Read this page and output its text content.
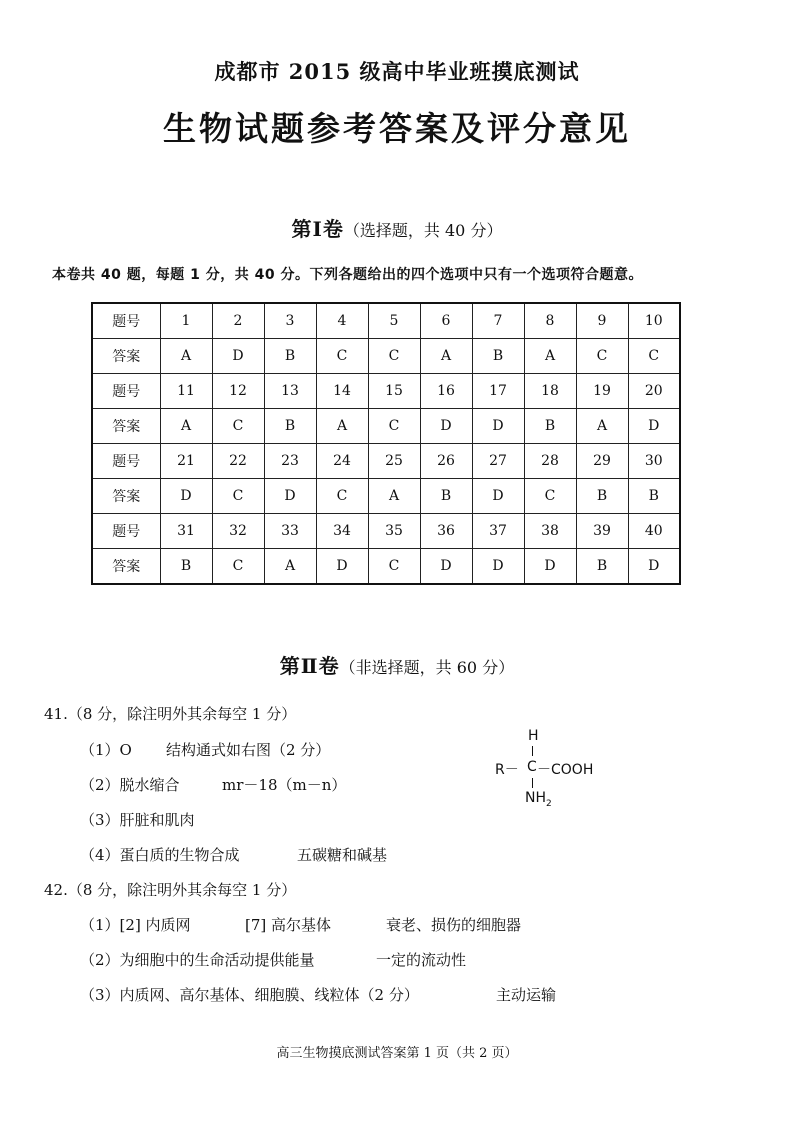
成都市 2015 级高中毕业班摸底测试
生物试题参考答案及评分意见
第Ⅰ卷（选择题，共 40 分）
本卷共 40 题，每题 1 分，共 40 分。下列各题给出的四个选项中只有一个选项符合题意。
题号	1	2	3	4	5	6	7	8	9	10
答案	A	D	B	C	C	A	B	A	C	C
题号	11	12	13	14	15	16	17	18	19	20
答案	A	C	B	A	C	D	D	B	A	D
题号	21	22	23	24	25	26	27	28	29	30
答案	D	C	D	C	A	B	D	C	B	B
题号	31	32	33	34	35	36	37	38	39	40
答案	B	C	A	D	C	D	D	D	B	D
第Ⅱ卷（非选择题，共 60 分）
41.（8 分，除注明外其余每空 1 分）
（1）O 结构通式如右图（2 分）
（2）脱水缩合	mr－18（m－n）
（3）肝脏和肌肉
（4）蛋白质的生物合成	五碳糖和碱基
H
R－ C －COOH
$NH_2$
42.（8 分，除注明外其余每空 1 分）
（1）[2] 内质网	[7] 高尔基体	衰老、损伤的细胞器
（2）为细胞中的生命活动提供能量	一定的流动性
（3）内质网、高尔基体、细胞膜、线粒体（2 分）	主动运输
高三生物摸底测试答案第 1 页（共 2 页）
